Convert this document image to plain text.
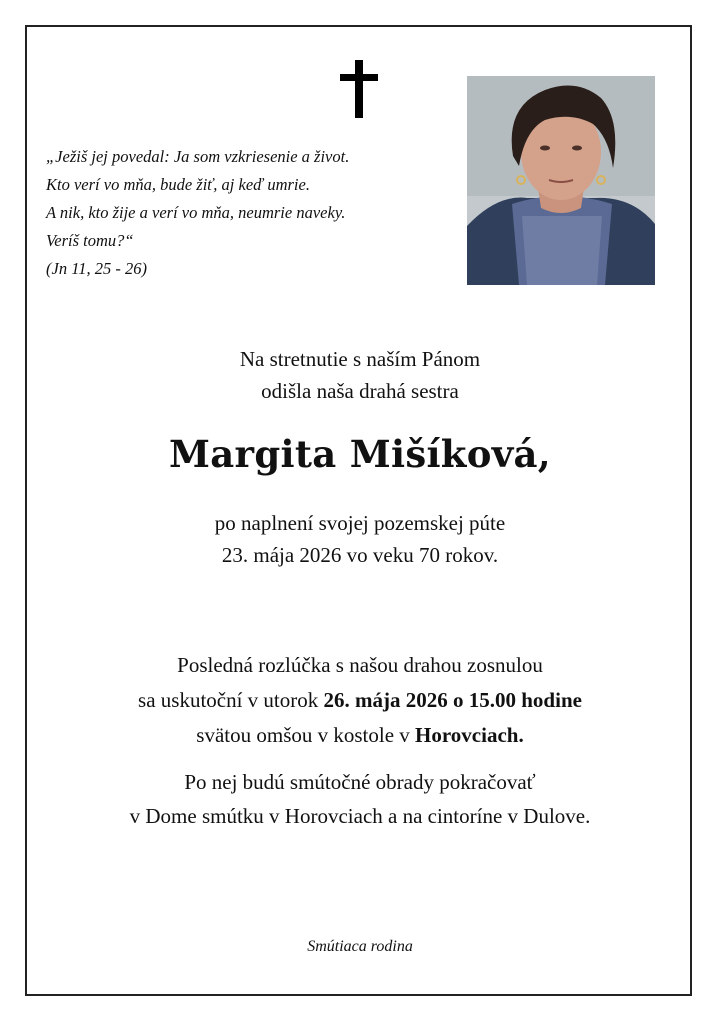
„Ježiš jej povedal: Ja som vzkriesenie a život.
Kto verí vo mňa, bude žiť, aj keď umrie.
A nik, kto žije a verí vo mňa, neumrie naveky.
Veríš tomu?“
(Jn 11, 25 - 26)
Na stretnutie s naším Pánom
odišla naša drahá sestra
Margita Mišíková,
po naplnení svojej pozemskej púte
23. mája 2026 vo veku 70 rokov.
Posledná rozlúčka s našou drahou zosnulou
sa uskutoční v utorok 26. mája 2026 o 15.00 hodine
svätou omšou v kostole v Horovciach.
Po nej budú smútočné obrady pokračovať
v Dome smútku v Horovciach a na cintoríne v Dulove.
Smútiaca rodina
